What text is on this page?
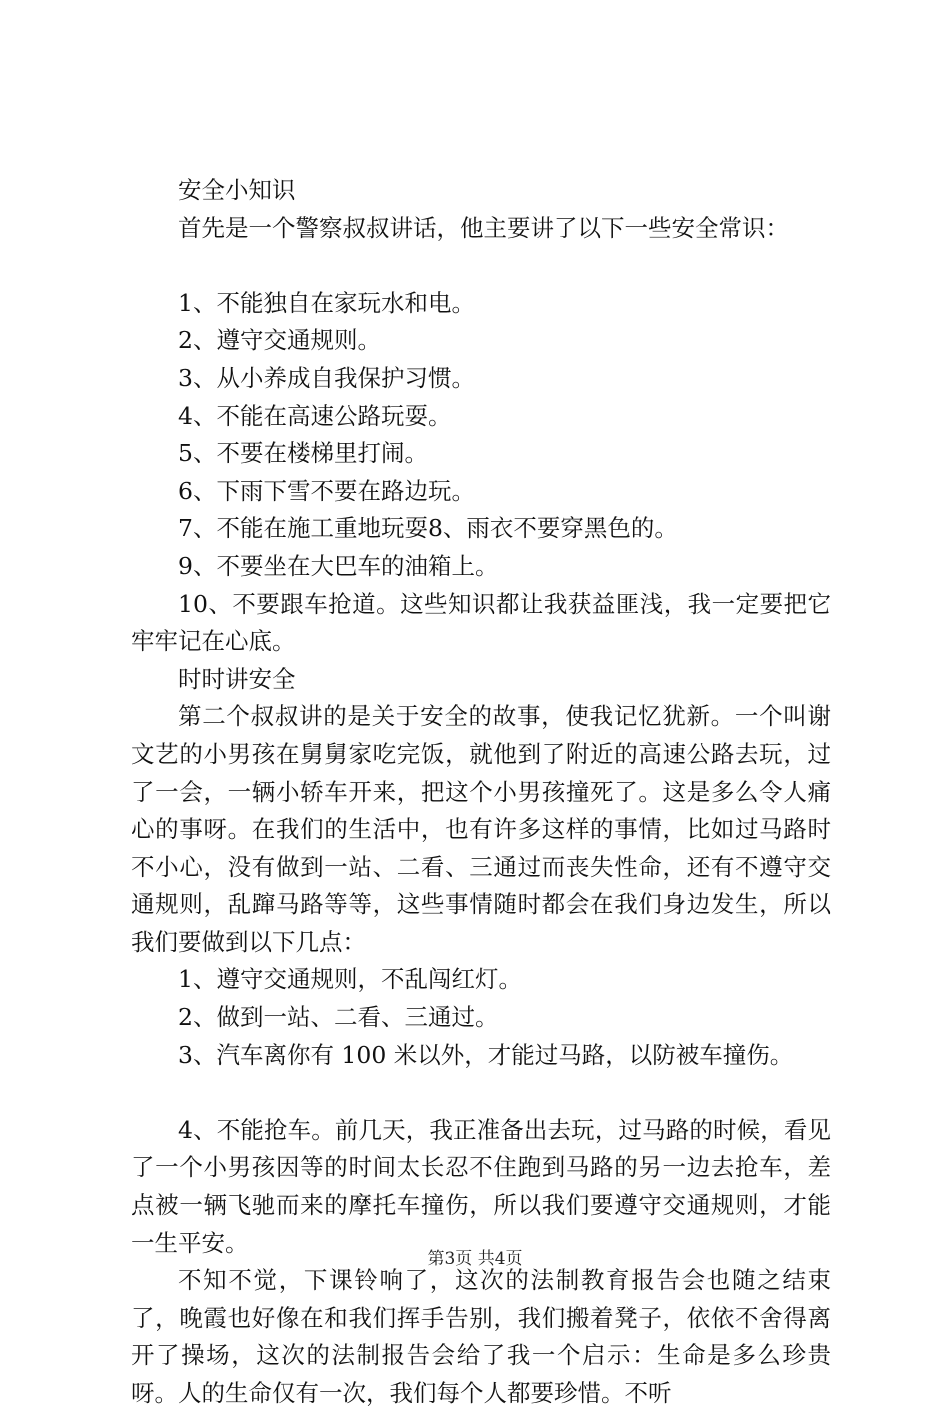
安全小知识
首先是一个警察叔叔讲话，他主要讲了以下一些安全常识：
1、不能独自在家玩水和电。
2、遵守交通规则。
3、从小养成自我保护习惯。
4、不能在高速公路玩耍。
5、不要在楼梯里打闹。
6、下雨下雪不要在路边玩。
7、不能在施工重地玩耍8、雨衣不要穿黑色的。
9、不要坐在大巴车的油箱上。

10、不要跟车抢道。这些知识都让我获益匪浅，我一定要把它牢牢记在心底。

时时讲安全

第二个叔叔讲的是关于安全的故事，使我记忆犹新。一个叫谢文艺的小男孩在舅舅家吃完饭，就他到了附近的高速公路去玩，过了一会，一辆小轿车开来，把这个小男孩撞死了。这是多么令人痛心的事呀。在我们的生活中，也有许多这样的事情，比如过马路时不小心，没有做到一站、二看、三通过而丧失性命，还有不遵守交通规则，乱蹿马路等等，这些事情随时都会在我们身边发生，所以我们要做到以下几点：

1、遵守交通规则，不乱闯红灯。
2、做到一站、二看、三通过。
3、汽车离你有 100 米以外，才能过马路，以防被车撞伤。

4、不能抢车。前几天，我正准备出去玩，过马路的时候，看见了一个小男孩因等的时间太长忍不住跑到马路的另一边去抢车，差点被一辆飞驰而来的摩托车撞伤，所以我们要遵守交通规则，才能一生平安。

不知不觉，下课铃响了，这次的法制教育报告会也随之结束了，晚霞也好像在和我们挥手告别，我们搬着凳子，依依不舍得离开了操场，这次的法制报告会给了我一个启示：生命是多么珍贵呀。人的生命仅有一次，我们每个人都要珍惜。不听

第3页 共4页
